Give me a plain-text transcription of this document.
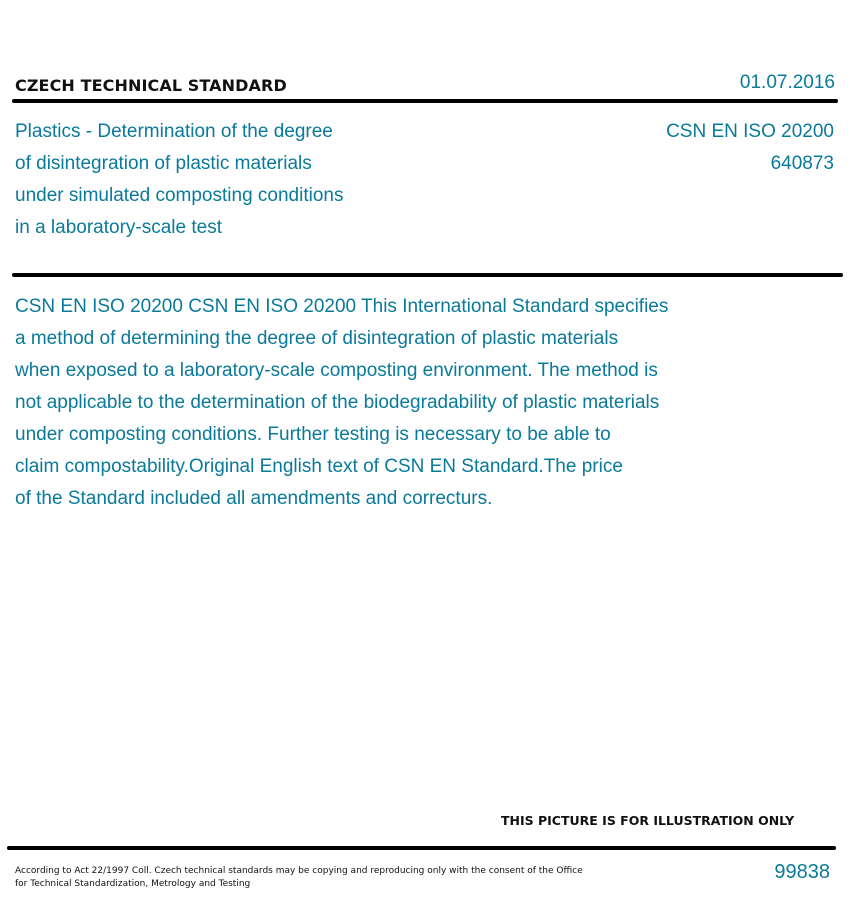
CZECH TECHNICAL STANDARD	01.07.2016
Plastics - Determination of the degree
of disintegration of plastic materials
under simulated composting conditions
in a laboratory-scale test
CSN EN ISO 20200
640873
CSN EN ISO 20200 CSN EN ISO 20200 This International Standard specifies
a method of determining the degree of disintegration of plastic materials
when exposed to a laboratory-scale composting environment. The method is
not applicable to the determination of the biodegradability of plastic materials
under composting conditions. Further testing is necessary to be able to
claim compostability.Original English text of CSN EN Standard.The price
of the Standard included all amendments and correcturs.
THIS PICTURE IS FOR ILLUSTRATION ONLY
According to Act 22/1997 Coll. Czech technical standards may be copying and reproducing only with the consent of the Office
for Technical Standardization, Metrology and Testing
99838
